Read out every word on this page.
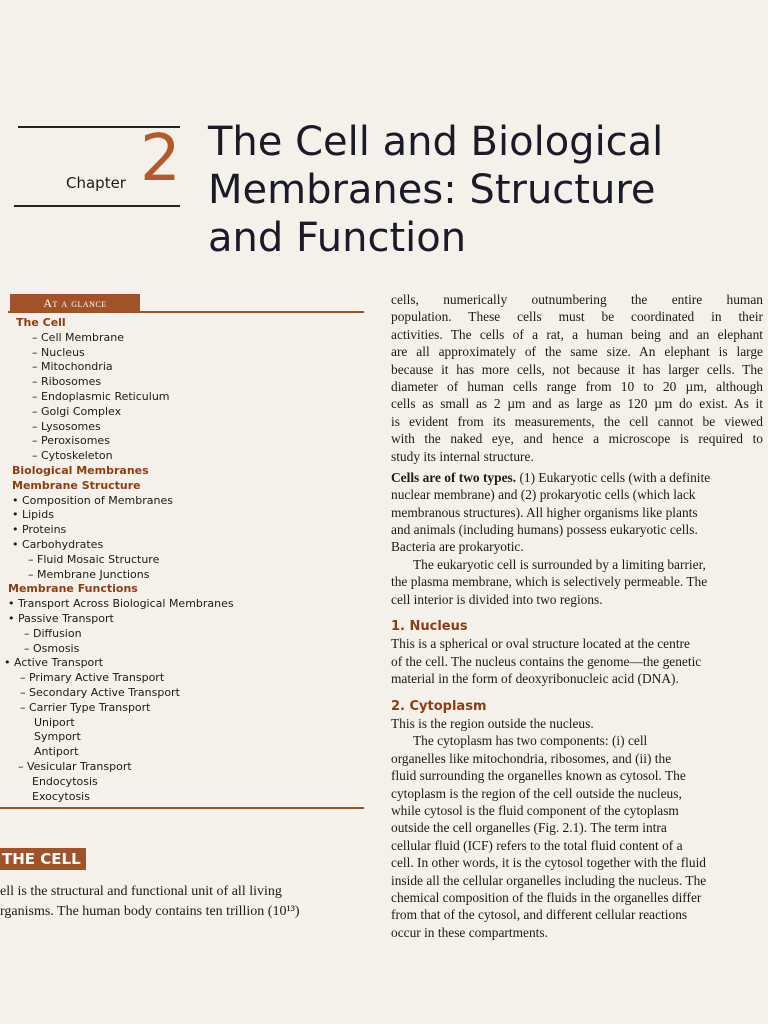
Chapter 2 The Cell and Biological
Membranes: Structure
and Function
At a glance
The Cell
– Cell Membrane
– Nucleus
– Mitochondria
– Ribosomes
– Endoplasmic Reticulum
– Golgi Complex
– Lysosomes
– Peroxisomes
– Cytoskeleton
Biological Membranes
Membrane Structure
• Composition of Membranes
• Lipids
• Proteins
• Carbohydrates
– Fluid Mosaic Structure
– Membrane Junctions
Membrane Functions
• Transport Across Biological Membranes
• Passive Transport
– Diffusion
– Osmosis
• Active Transport
– Primary Active Transport
– Secondary Active Transport
– Carrier Type Transport
Uniport
Symport
Antiport
– Vesicular Transport
Endocytosis
Exocytosis
THE CELL
ell is the structural and functional unit of all living
rganisms. The human body contains ten trillion (10¹³)
cells, numerically outnumbering the entire human
population. These cells must be coordinated in their
activities. The cells of a rat, a human being and an elephant
are all approximately of the same size. An elephant is large
because it has more cells, not because it has larger cells. The
diameter of human cells range from 10 to 20 µm, although
cells as small as 2 µm and as large as 120 µm do exist. As it
is evident from its measurements, the cell cannot be viewed
with the naked eye, and hence a microscope is required to
study its internal structure.
Cells are of two types. (1) Eukaryotic cells (with a definite
nuclear membrane) and (2) prokaryotic cells (which lack
membranous structures). All higher organisms like plants
and animals (including humans) possess eukaryotic cells.
Bacteria are prokaryotic.
The eukaryotic cell is surrounded by a limiting barrier,
the plasma membrane, which is selectively permeable. The
cell interior is divided into two regions.
1. Nucleus
This is a spherical or oval structure located at the centre
of the cell. The nucleus contains the genome—the genetic
material in the form of deoxyribonucleic acid (DNA).
2. Cytoplasm
This is the region outside the nucleus.
The cytoplasm has two components: (i) cell
organelles like mitochondria, ribosomes, and (ii) the
fluid surrounding the organelles known as cytosol. The
cytoplasm is the region of the cell outside the nucleus,
while cytosol is the fluid component of the cytoplasm
outside the cell organelles (Fig. 2.1). The term intra
cellular fluid (ICF) refers to the total fluid content of a
cell. In other words, it is the cytosol together with the fluid
inside all the cellular organelles including the nucleus. The
chemical composition of the fluids in the organelles differ
from that of the cytosol, and different cellular reactions
occur in these compartments.
